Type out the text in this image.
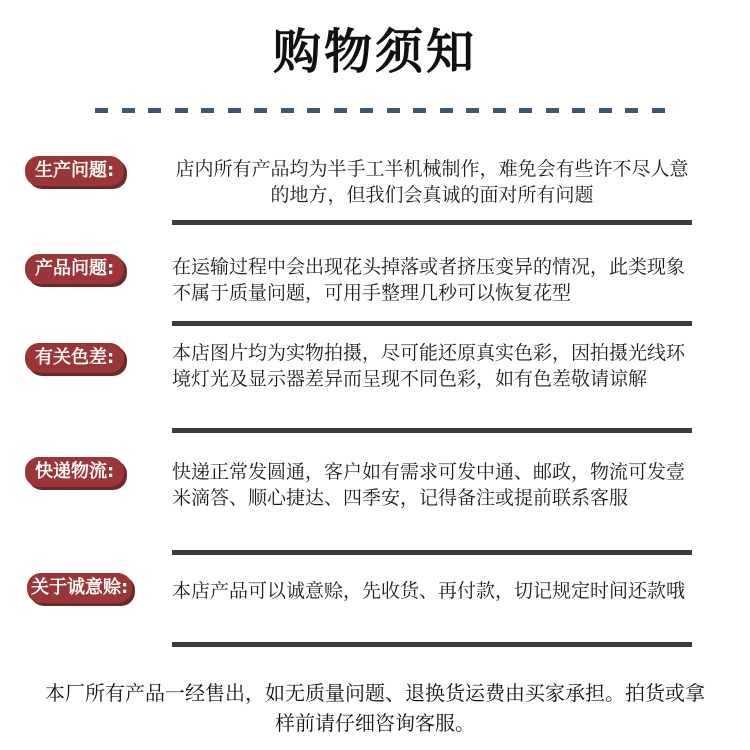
购物须知
生产问题:	店内所有产品均为半手工半机械制作，难免会有些许不尽人意的地方，但我们会真诚的面对所有问题
产品问题:	在运输过程中会出现花头掉落或者挤压变异的情况，此类现象不属于质量问题，可用手整理几秒可以恢复花型
有关色差:	本店图片均为实物拍摄，尽可能还原真实色彩，因拍摄光线环境灯光及显示器差异而呈现不同色彩，如有色差敬请谅解
快递物流:	快递正常发圆通，客户如有需求可发中通、邮政，物流可发壹米滴答、顺心捷达、四季安，记得备注或提前联系客服
关于诚意赊: 本店产品可以诚意赊，先收货、再付款，切记规定时间还款哦
本厂所有产品一经售出，如无质量问题、退换货运费由买家承担。拍货或拿样前请仔细咨询客服。
